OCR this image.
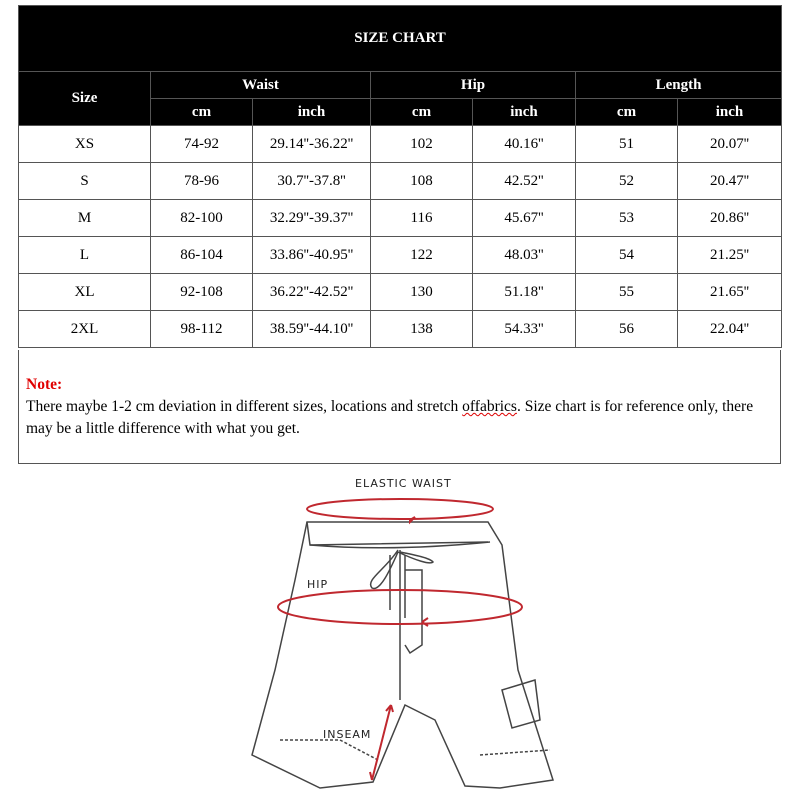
SIZE CHART
Size	Waist	Hip	Length
cm	inch	cm	inch	cm	inch
XS	74-92	29.14''-36.22''	102	40.16''	51	20.07''
S	78-96	30.7''-37.8''	108	42.52''	52	20.47''
M	82-100	32.29''-39.37''	116	45.67''	53	20.86''
L	86-104	33.86''-40.95''	122	48.03''	54	21.25''
XL	92-108	36.22''-42.52''	130	51.18''	55	21.65''
2XL	98-112	38.59''-44.10''	138	54.33''	56	22.04''
Note:
There maybe 1-2 cm deviation in different sizes, locations and stretch offabrics. Size chart is for reference only, there may be a little difference with what you get.
ELASTIC WAIST
HIP
INSEAM
